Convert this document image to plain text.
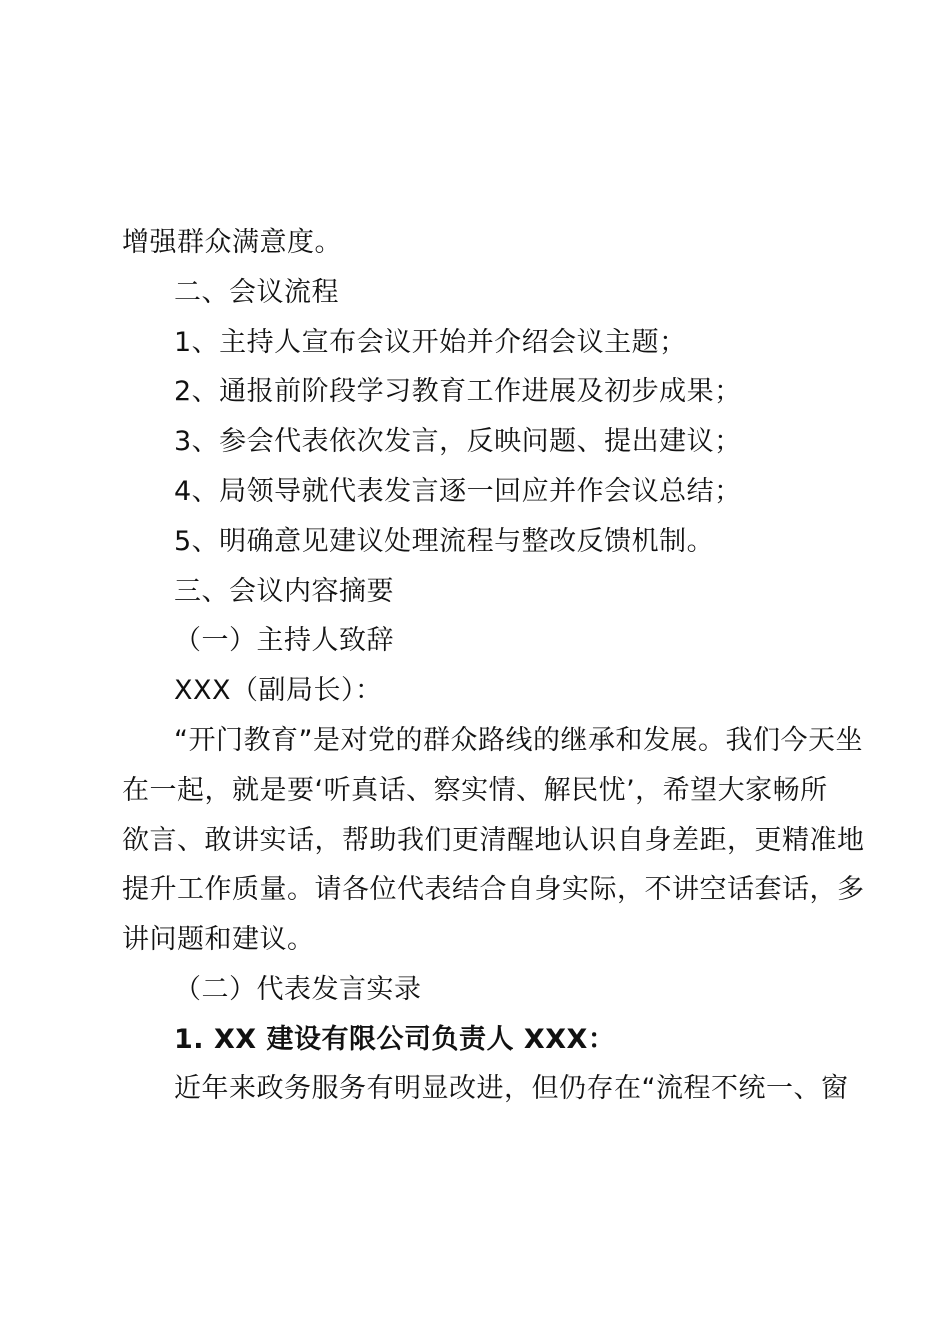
增强群众满意度。
二、会议流程
1、主持人宣布会议开始并介绍会议主题；
2、通报前阶段学习教育工作进展及初步成果；
3、参会代表依次发言，反映问题、提出建议；
4、局领导就代表发言逐一回应并作会议总结；
5、明确意见建议处理流程与整改反馈机制。
三、会议内容摘要
（一）主持人致辞
XXX（副局长）：
“开门教育”是对党的群众路线的继承和发展。我们今天坐
在一起，就是要‘听真话、察实情、解民忧’，希望大家畅所
欲言、敢讲实话，帮助我们更清醒地认识自身差距，更精准地
提升工作质量。请各位代表结合自身实际，不讲空话套话，多
讲问题和建议。
（二）代表发言实录
1. XX 建设有限公司负责人 XXX：
近年来政务服务有明显改进，但仍存在“流程不统一、窗
